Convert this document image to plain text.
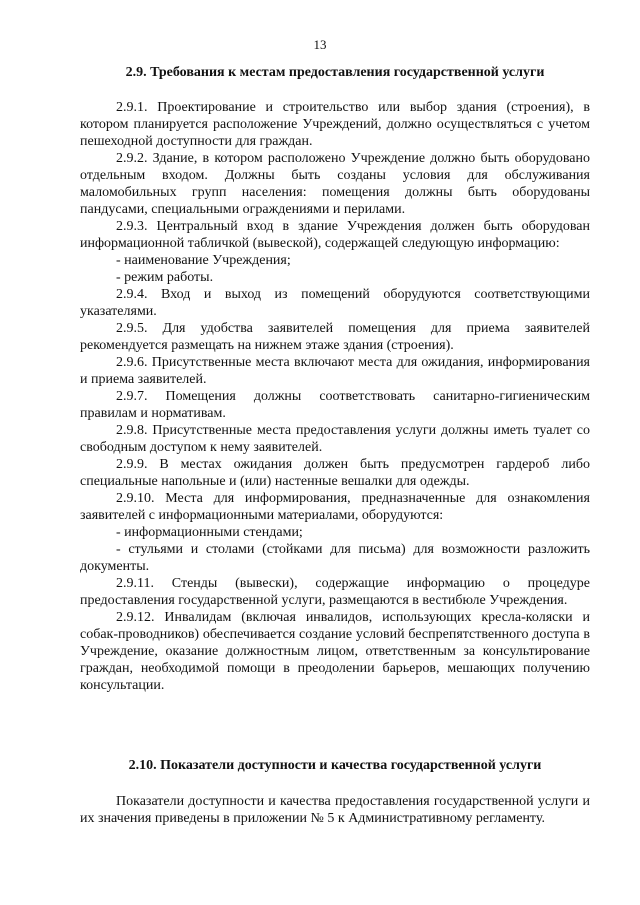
13
2.9. Требования к местам предоставления государственной услуги

2.9.1. Проектирование и строительство или выбор здания (строения), в котором планируется расположение Учреждений, должно осуществляться с учетом пешеходной доступности для граждан.

2.9.2. Здание, в котором расположено Учреждение должно быть оборудовано отдельным входом. Должны быть созданы условия для обслуживания маломобильных групп населения: помещения должны быть оборудованы пандусами, специальными ограждениями и перилами.

2.9.3. Центральный вход в здание Учреждения должен быть оборудован информационной табличкой (вывеской), содержащей следующую информацию:

- наименование Учреждения;

- режим работы.

2.9.4. Вход и выход из помещений оборудуются соответствующими указателями.

2.9.5. Для удобства заявителей помещения для приема заявителей рекомендуется размещать на нижнем этаже здания (строения).

2.9.6. Присутственные места включают места для ожидания, информирования и приема заявителей.

2.9.7. Помещения должны соответствовать санитарно-гигиеническим правилам и нормативам.

2.9.8. Присутственные места предоставления услуги должны иметь туалет со свободным доступом к нему заявителей.

2.9.9. В местах ожидания должен быть предусмотрен гардероб либо специальные напольные и (или) настенные вешалки для одежды.

2.9.10. Места для информирования, предназначенные для ознакомления заявителей с информационными материалами, оборудуются:

- информационными стендами;

- стульями и столами (стойками для письма) для возможности разложить документы.

2.9.11. Стенды (вывески), содержащие информацию о процедуре предоставления государственной услуги, размещаются в вестибюле Учреждения.

2.9.12. Инвалидам (включая инвалидов, использующих кресла-коляски и собак-проводников) обеспечивается создание условий беспрепятственного доступа в Учреждение, оказание должностным лицом, ответственным за консультирование граждан, необходимой помощи в преодолении барьеров, мешающих получению консультации.

2.10. Показатели доступности и качества государственной услуги

Показатели доступности и качества предоставления государственной услуги и их значения приведены в приложении № 5 к Административному регламенту.
